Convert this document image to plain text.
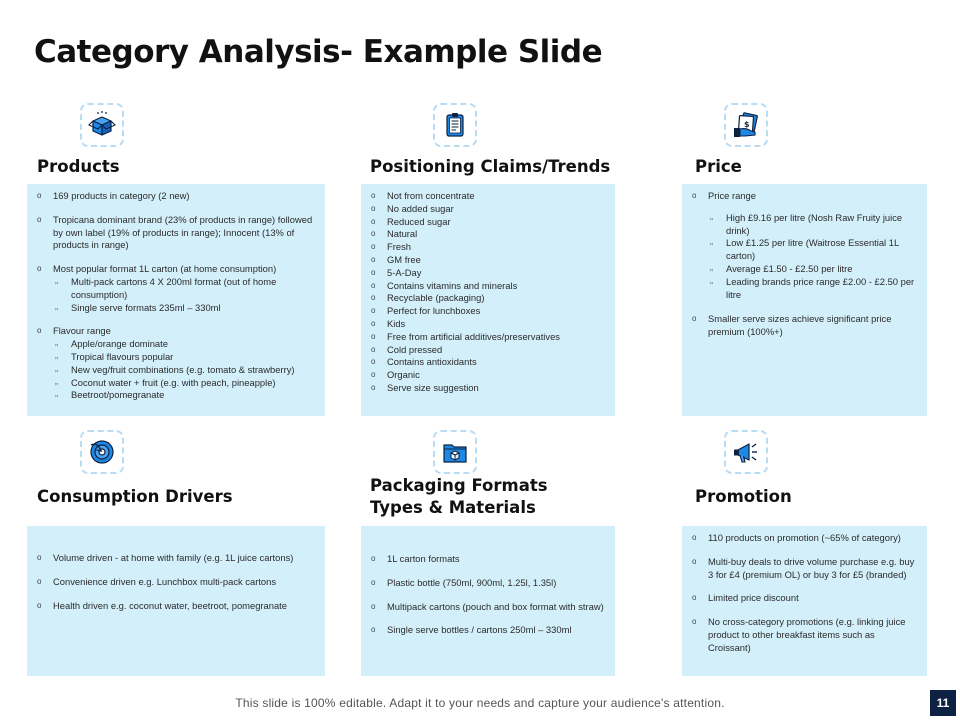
Category Analysis- Example Slide
Products
o 169 products in category (2 new)
o Tropicana dominant brand (23% of products in range) followed by own label (19% of products in range); Innocent (13% of products in range)
o Most popular format 1L carton (at home consumption)
„ Multi-pack cartons 4 X 200ml format (out of home consumption)
„ Single serve formats 235ml – 330ml
o Flavour range
„ Apple/orange dominate
„ Tropical flavours popular
„ New veg/fruit combinations (e.g. tomato & strawberry)
„ Coconut water + fruit (e.g. with peach, pineapple)
„ Beetroot/pomegranate
Positioning Claims/Trends
o Not from concentrate
o No added sugar
o Reduced sugar
o Natural
o Fresh
o GM free
o 5-A-Day
o Contains vitamins and minerals
o Recyclable (packaging)
o Perfect for lunchboxes
o Kids
o Free from artificial additives/preservatives
o Cold pressed
o Contains antioxidants
o Organic
o Serve size suggestion
$
Price
o Price range
„ High £9.16 per litre (Nosh Raw Fruity juice drink)
„ Low £1.25 per litre (Waitrose Essential 1L carton)
„ Average £1.50 - £2.50 per litre
„ Leading brands price range £2.00 - £2.50 per litre
o Smaller serve sizes achieve significant price premium (100%+)
Consumption Drivers
o Volume driven - at home with family (e.g. 1L juice cartons)
o Convenience driven e.g. Lunchbox multi-pack cartons
o Health driven e.g. coconut water, beetroot, pomegranate
Packaging Formats
Types & Materials
o 1L carton formats
o Plastic bottle (750ml, 900ml, 1.25l, 1.35l)
o Multipack cartons (pouch and box format with straw)
o Single serve bottles / cartons 250ml – 330ml
Promotion
o 110 products on promotion (~65% of category)
o Multi-buy deals to drive volume purchase e.g. buy 3 for £4 (premium OL) or buy 3 for £5 (branded)
o Limited price discount
o No cross-category promotions (e.g. linking juice product to other breakfast items such as Croissant)
This slide is 100% editable. Adapt it to your needs and capture your audience's attention.	11
